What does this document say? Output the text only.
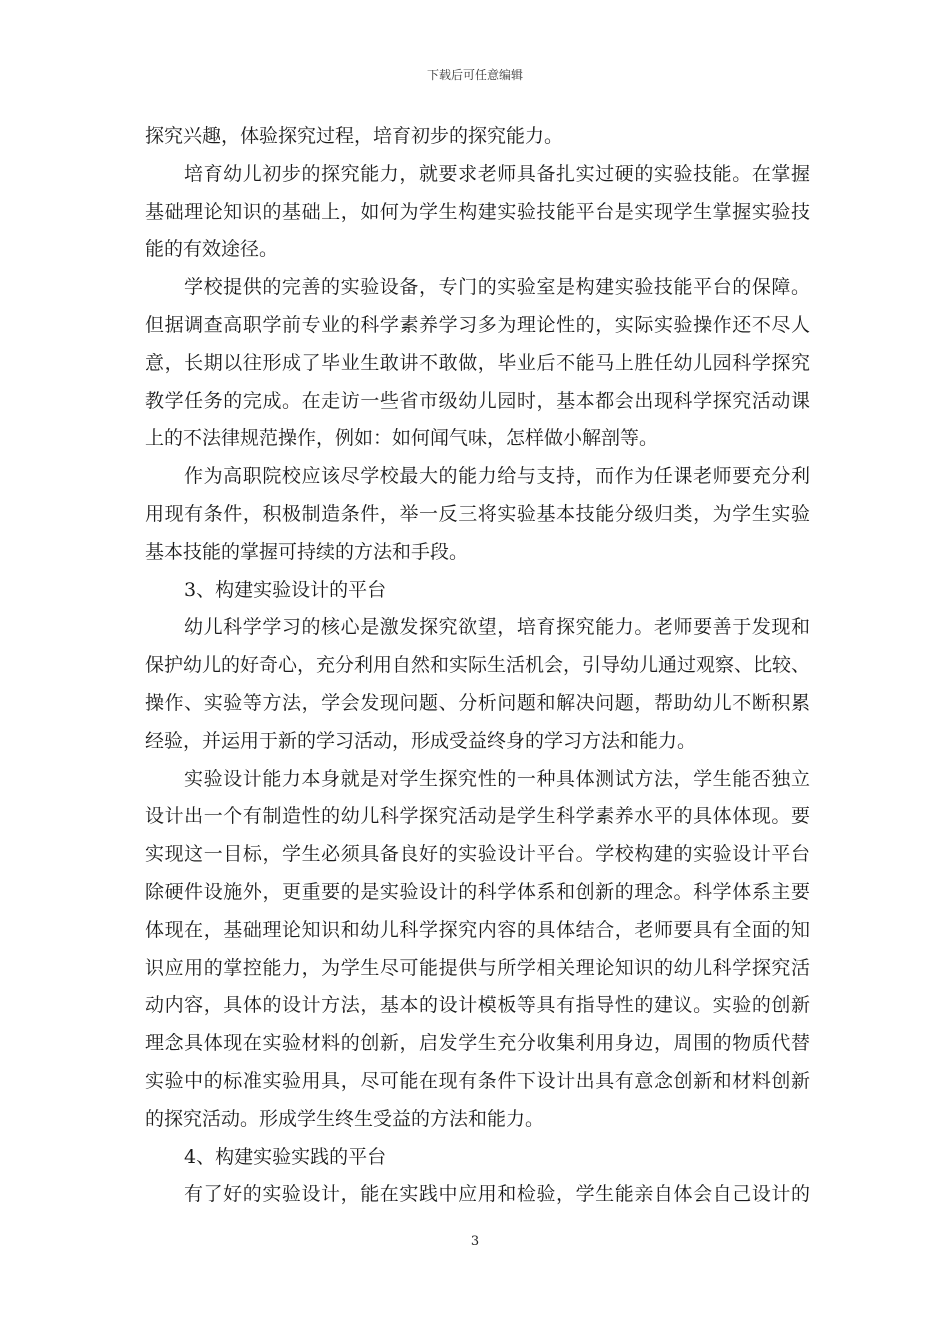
下载后可任意编辑
探究兴趣，体验探究过程，培育初步的探究能力。
培育幼儿初步的探究能力，就要求老师具备扎实过硬的实验技能。在掌握
基础理论知识的基础上，如何为学生构建实验技能平台是实现学生掌握实验技
能的有效途径。
学校提供的完善的实验设备，专门的实验室是构建实验技能平台的保障。
但据调查高职学前专业的科学素养学习多为理论性的，实际实验操作还不尽人
意，长期以往形成了毕业生敢讲不敢做，毕业后不能马上胜任幼儿园科学探究
教学任务的完成。在走访一些省市级幼儿园时，基本都会出现科学探究活动课
上的不法律规范操作，例如：如何闻气味，怎样做小解剖等。
作为高职院校应该尽学校最大的能力给与支持，而作为任课老师要充分利
用现有条件，积极制造条件，举一反三将实验基本技能分级归类，为学生实验
基本技能的掌握可持续的方法和手段。
3、构建实验设计的平台
幼儿科学学习的核心是激发探究欲望，培育探究能力。老师要善于发现和
保护幼儿的好奇心，充分利用自然和实际生活机会，引导幼儿通过观察、比较、
操作、实验等方法，学会发现问题、分析问题和解决问题，帮助幼儿不断积累
经验，并运用于新的学习活动，形成受益终身的学习方法和能力。
实验设计能力本身就是对学生探究性的一种具体测试方法，学生能否独立
设计出一个有制造性的幼儿科学探究活动是学生科学素养水平的具体体现。要
实现这一目标，学生必须具备良好的实验设计平台。学校构建的实验设计平台
除硬件设施外，更重要的是实验设计的科学体系和创新的理念。科学体系主要
体现在，基础理论知识和幼儿科学探究内容的具体结合，老师要具有全面的知
识应用的掌控能力，为学生尽可能提供与所学相关理论知识的幼儿科学探究活
动内容，具体的设计方法，基本的设计模板等具有指导性的建议。实验的创新
理念具体现在实验材料的创新，启发学生充分收集利用身边，周围的物质代替
实验中的标准实验用具，尽可能在现有条件下设计出具有意念创新和材料创新
的探究活动。形成学生终生受益的方法和能力。
4、构建实验实践的平台
有了好的实验设计，能在实践中应用和检验，学生能亲自体会自己设计的
3
